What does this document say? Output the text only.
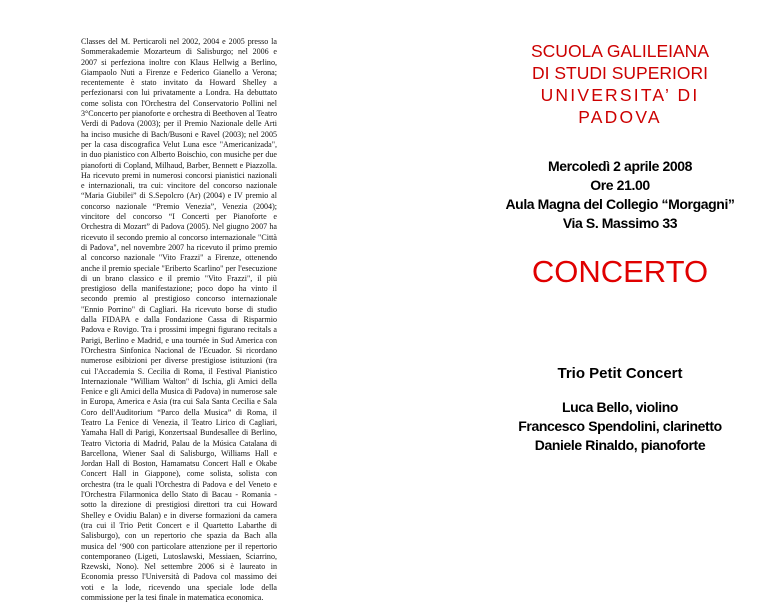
Classes del M. Perticaroli nel 2002, 2004 e 2005 presso la Sommerakademie Mozarteum di Salisburgo; nel 2006 e 2007 si perfeziona inoltre con Klaus Hellwig a Berlino, Giampaolo Nuti a Firenze e Federico Gianello a Verona; recentemente è stato invitato da Howard Shelley a perfezionarsi con lui privatamente a Londra. Ha debuttato come solista con l'Orchestra del Conservatorio Pollini nel 3°Concerto per pianoforte e orchestra di Beethoven al Teatro Verdi di Padova (2003); per il Premio Nazionale delle Arti ha inciso musiche di Bach/Busoni e Ravel (2003); nel 2005 per la casa discografica Velut Luna esce "Americanizada", in duo pianistico con Alberto Boischio, con musiche per due pianoforti di Copland, Milhaud, Barber, Bennett e Piazzolla. Ha ricevuto premi in numerosi concorsi pianistici nazionali e internazionali, tra cui: vincitore del concorso nazionale “Maria Giubilei” di S.Sepolcro (Ar) (2004) e IV premio al concorso nazionale “Premio Venezia”, Venezia (2004); vincitore del concorso “I Concerti per Pianoforte e Orchestra di Mozart” di Padova (2005). Nel giugno 2007 ha ricevuto il secondo premio al concorso internazionale "Città di Padova", nel novembre 2007 ha ricevuto il primo premio al concorso nazionale "Vito Frazzi" a Firenze, ottenendo anche il premio speciale "Eriberto Scarlino" per l'esecuzione di un brano classico e il premio "Vito Frazzi", il più prestigioso della manifestazione; poco dopo ha vinto il secondo premio al prestigioso concorso internazionale "Ennio Porrino" di Cagliari. Ha ricevuto borse di studio dalla FIDAPA e dalla Fondazione Cassa di Risparmio Padova e Rovigo. Tra i prossimi impegni figurano recitals a Parigi, Berlino e Madrid, e una tournée in Sud America con l'Orchestra Sinfonica Nacional de l'Ecuador. Si ricordano numerose esibizioni per diverse prestigiose istituzioni (tra cui l'Accademia S. Cecilia di Roma, il Festival Pianistico Internazionale "William Walton" di Ischia, gli Amici della Fenice e gli Amici della Musica di Padova) in numerose sale in Europa, America e Asia (tra cui Sala Santa Cecilia e Sala Coro dell'Auditorium “Parco della Musica” di Roma, il Teatro La Fenice di Venezia, il Teatro Lirico di Cagliari, Yamaha Hall di Parigi, Konzertsaal Bundesallee di Berlino, Teatro Victoria di Madrid, Palau de la Música Catalana di Barcellona, Wiener Saal di Salisburgo, Williams Hall e Jordan Hall di Boston, Hamamatsu Concert Hall e Okabe Concert Hall in Giappone), come solista, solista con orchestra (tra le quali l'Orchestra di Padova e del Veneto e l'Orchestra Filarmonica dello Stato di Bacau - Romania - sotto la direzione di prestigiosi direttori tra cui Howard Shelley e Ovidiu Balan) e in diverse formazioni da camera (tra cui il Trio Petit Concert e il Quartetto Labarthe di Salisburgo), con un repertorio che spazia da Bach alla musica del ‘900 con particolare attenzione per il repertorio contemporaneo (Ligeti, Lutoslawski, Messiaen, Sciarrino, Rzewski, Nono). Nel settembre 2006 si è laureato in Economia presso l'Università di Padova col massimo dei voti e la lode, ricevendo una speciale lode della commissione per la tesi finale in matematica economica.

SCUOLA GALILEIANA
DI STUDI SUPERIORI
UNIVERSITA’ DI
PADOVA
Mercoledì 2 aprile 2008
Ore 21.00
Aula Magna del Collegio “Morgagni”
Via S. Massimo 33
CONCERTO
Trio Petit Concert
Luca Bello, violino
Francesco Spendolini, clarinetto
Daniele Rinaldo, pianoforte
